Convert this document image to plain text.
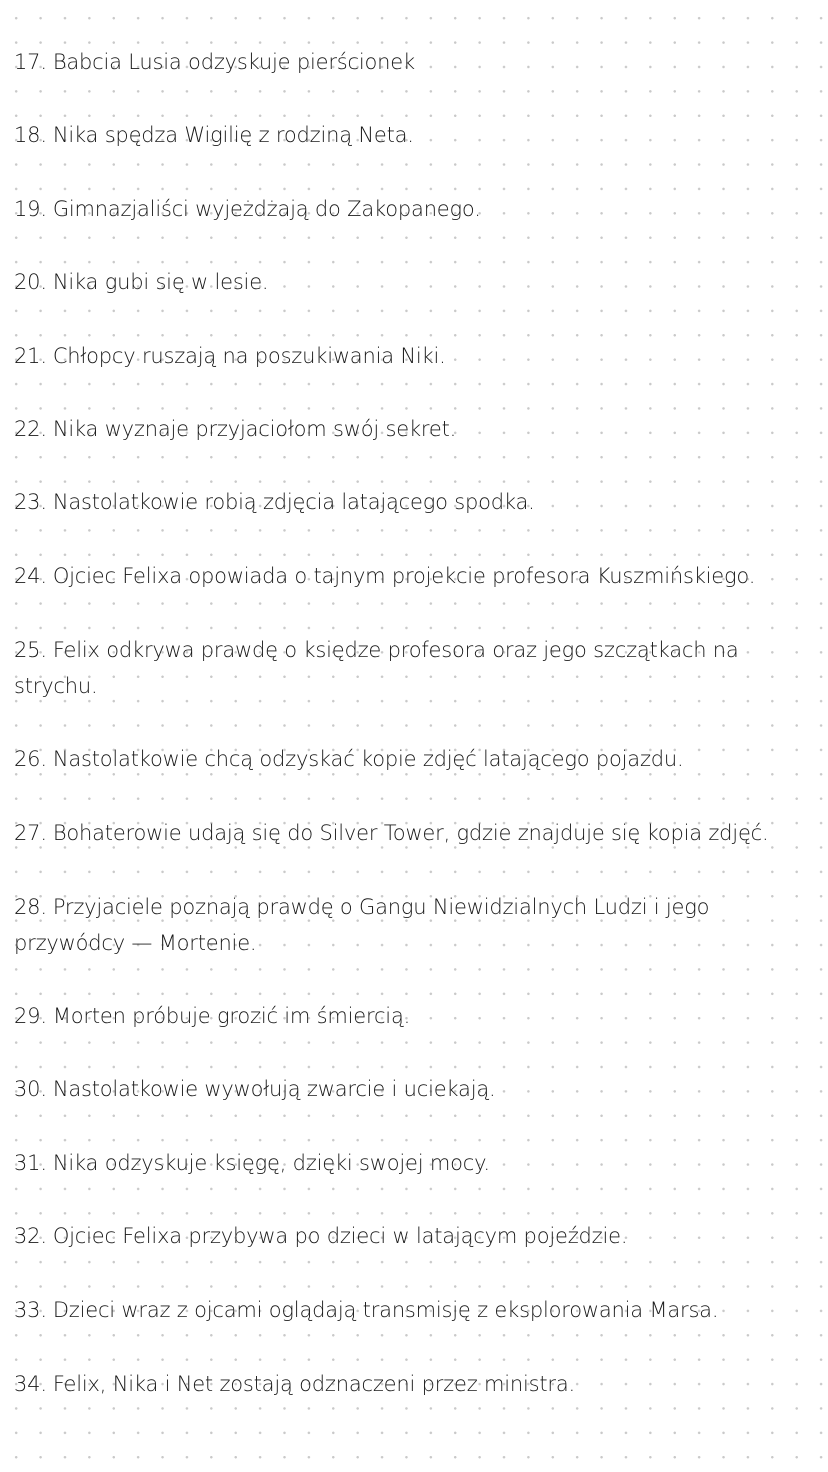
17. Babcia Lusia odzyskuje pierścionek
18. Nika spędza Wigilię z rodziną Neta.
19. Gimnazjaliści wyjeżdżają do Zakopanego.
20. Nika gubi się w lesie.
21. Chłopcy ruszają na poszukiwania Niki.
22. Nika wyznaje przyjaciołom swój sekret.
23. Nastolatkowie robią zdjęcia latającego spodka.
24. Ojciec Felixa opowiada o tajnym projekcie profesora Kuszmińskiego.
25. Felix odkrywa prawdę o księdze profesora oraz jego szczątkach na strychu.
26. Nastolatkowie chcą odzyskać kopie zdjęć latającego pojazdu.
27. Bohaterowie udają się do Silver Tower, gdzie znajduje się kopia zdjęć.
28. Przyjaciele poznają prawdę o Gangu Niewidzialnych Ludzi i jego przywódcy — Mortenie.
29. Morten próbuje grozić im śmiercią.
30. Nastolatkowie wywołują zwarcie i uciekają.
31. Nika odzyskuje księgę, dzięki swojej mocy.
32. Ojciec Felixa przybywa po dzieci w latającym pojeździe.
33. Dzieci wraz z ojcami oglądają transmisję z eksplorowania Marsa.
34. Felix, Nika i Net zostają odznaczeni przez ministra.
